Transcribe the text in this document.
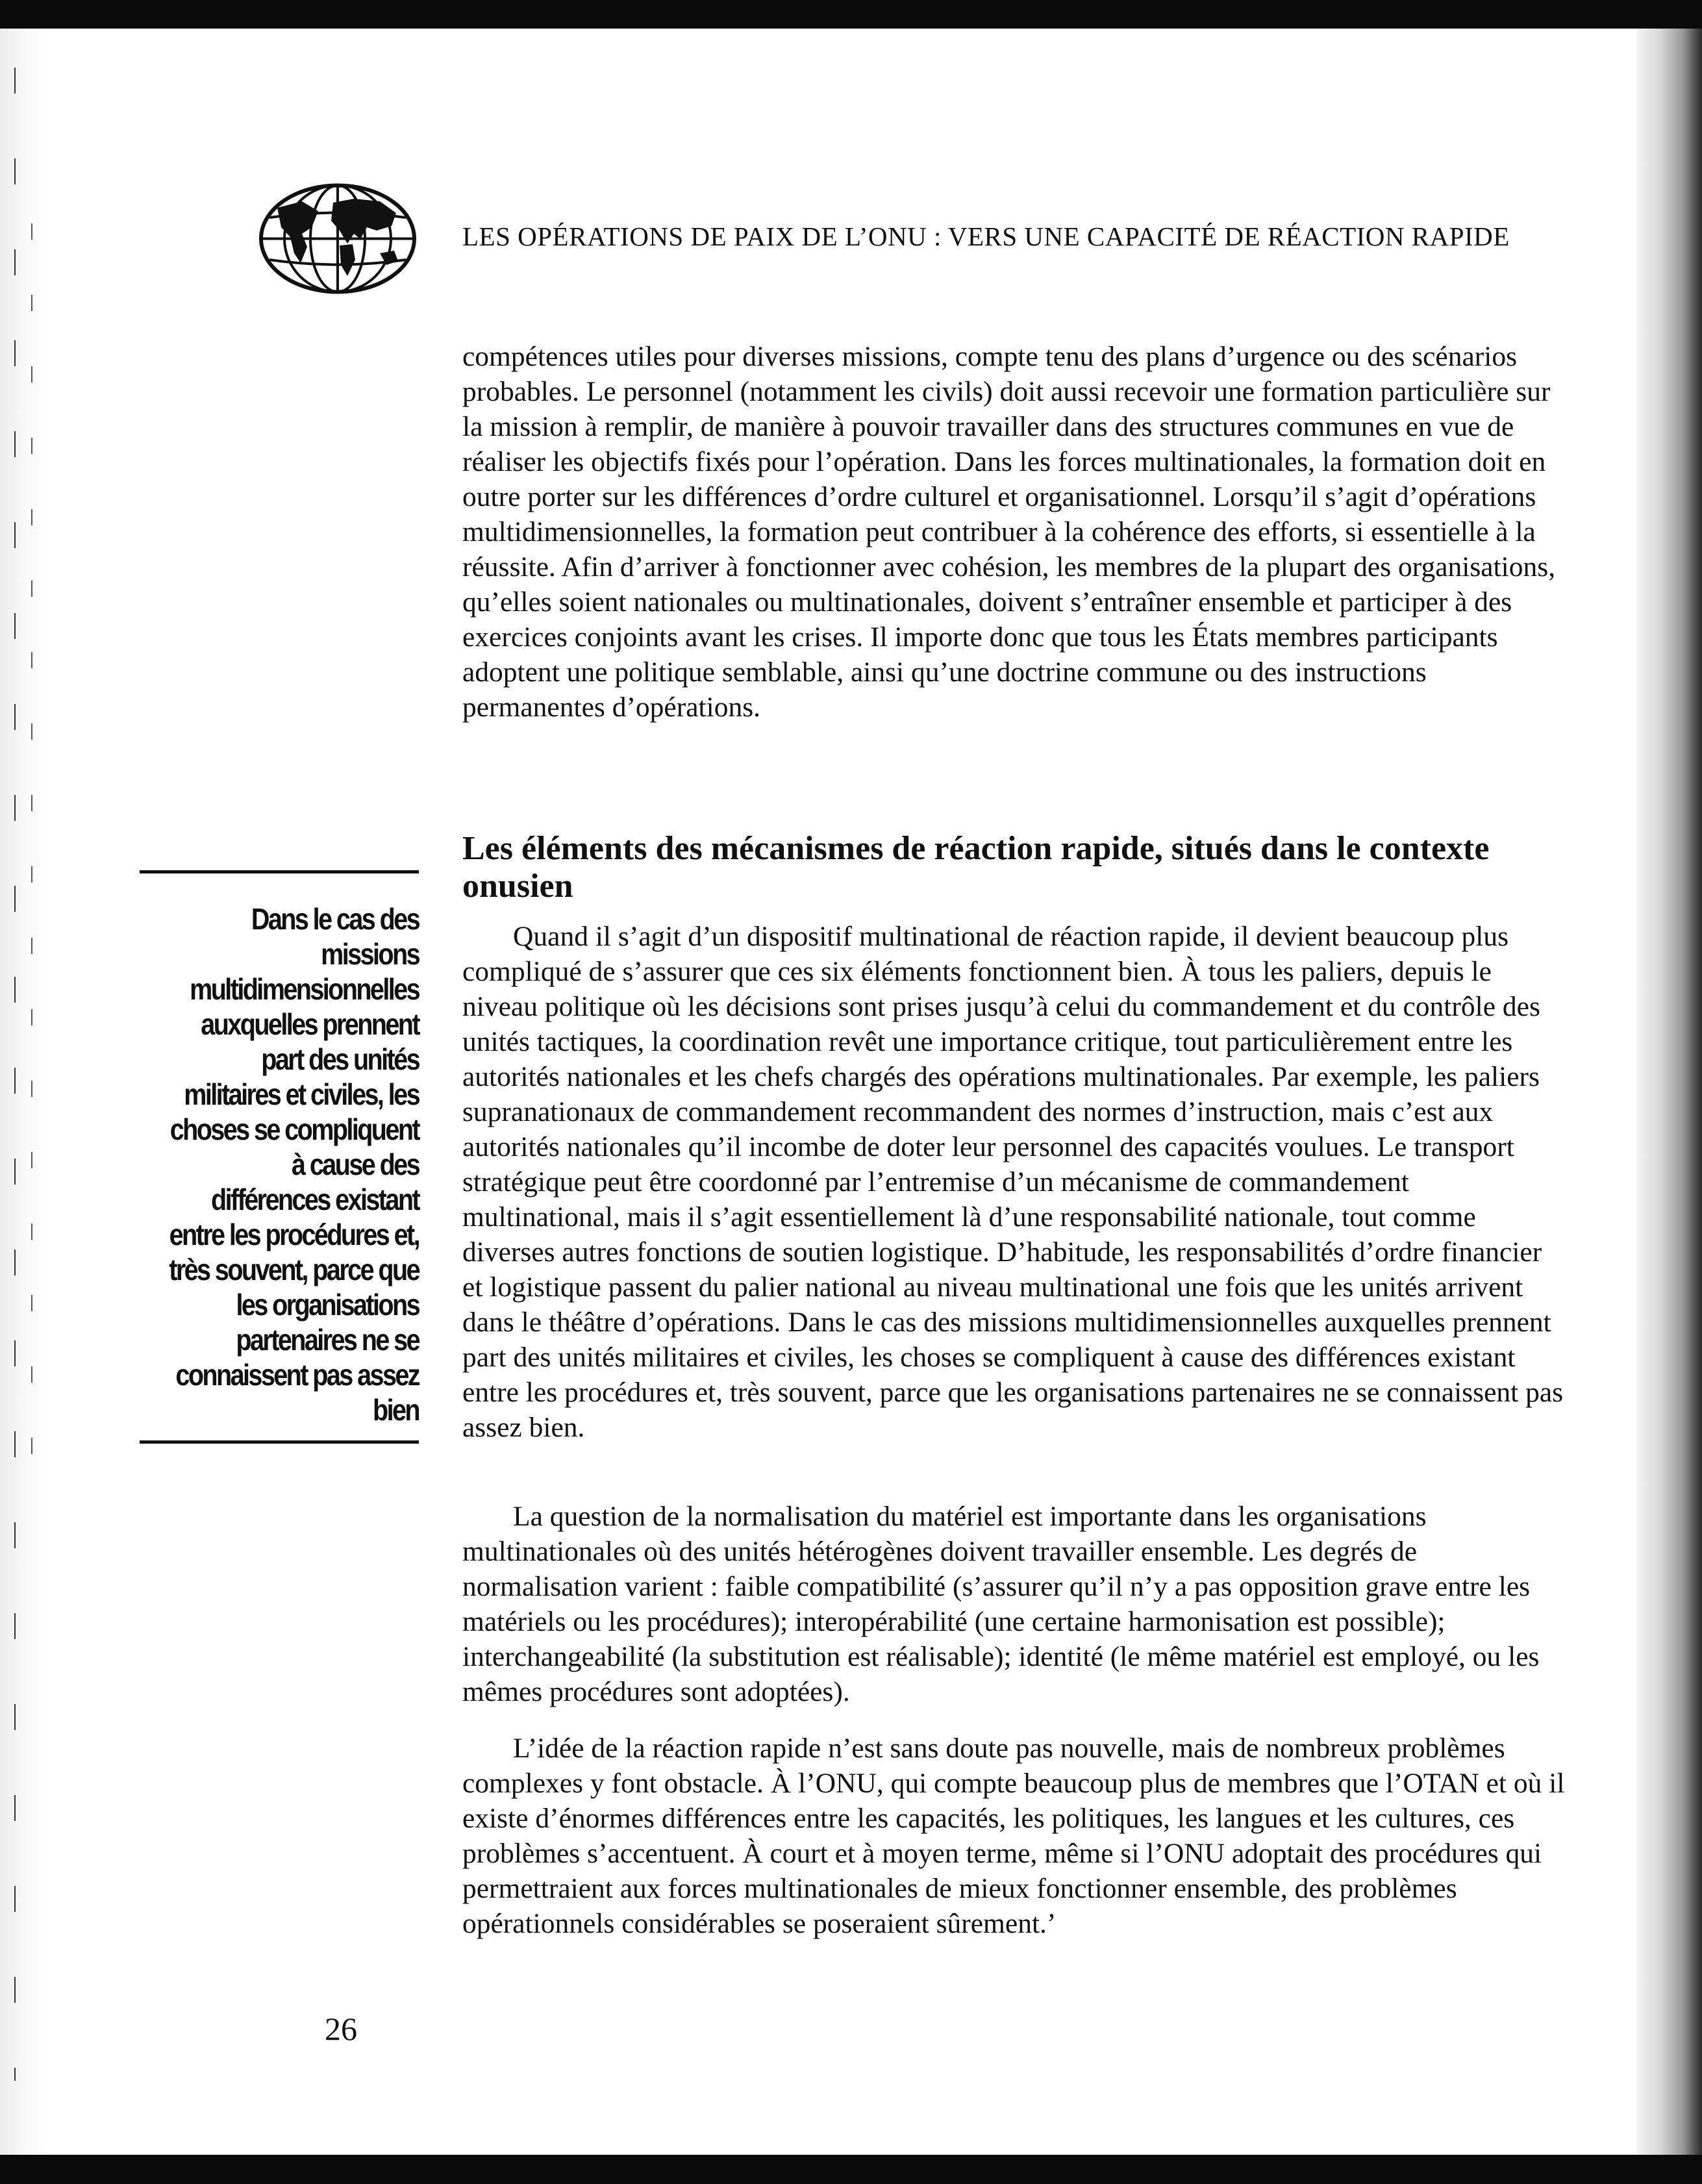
LES OPÉRATIONS DE PAIX DE L’ONU : VERS UNE CAPACITÉ DE RÉACTION RAPIDE

compétences utiles pour diverses missions, compte tenu des plans d’urgence ou des scénarios probables. Le personnel (notamment les civils) doit aussi recevoir une formation particulière sur la mission à remplir, de manière à pouvoir travailler dans des structures communes en vue de réaliser les objectifs fixés pour l’opération. Dans les forces multinationales, la formation doit en outre porter sur les différences d’ordre culturel et organisationnel. Lorsqu’il s’agit d’opérations multidimensionnelles, la formation peut contribuer à la cohérence des efforts, si essentielle à la réussite. Afin d’arriver à fonctionner avec cohésion, les membres de la plupart des organisations, qu’elles soient nationales ou multinationales, doivent s’entraîner ensemble et participer à des exercices conjoints avant les crises. Il importe donc que tous les États membres participants adoptent une politique semblable, ainsi qu’une doctrine commune ou des instructions permanentes d’opérations.

Les éléments des mécanismes de réaction rapide, situés dans le contexte onusien

Dans le cas des missions multidimensionnelles auxquelles prennent part des unités militaires et civiles, les choses se compliquent à cause des différences existant entre les procédures et, très souvent, parce que les organisations partenaires ne se connaissent pas assez bien

Quand il s’agit d’un dispositif multinational de réaction rapide, il devient beaucoup plus compliqué de s’assurer que ces six éléments fonctionnent bien. À tous les paliers, depuis le niveau politique où les décisions sont prises jusqu’à celui du commandement et du contrôle des unités tactiques, la coordination revêt une importance critique, tout particulièrement entre les autorités nationales et les chefs chargés des opérations multinationales. Par exemple, les paliers supranationaux de commandement recommandent des normes d’instruction, mais c’est aux autorités nationales qu’il incombe de doter leur personnel des capacités voulues. Le transport stratégique peut être coordonné par l’entremise d’un mécanisme de commandement multinational, mais il s’agit essentiellement là d’une responsabilité nationale, tout comme diverses autres fonctions de soutien logistique. D’habitude, les responsabilités d’ordre financier et logistique passent du palier national au niveau multinational une fois que les unités arrivent dans le théâtre d’opérations. Dans le cas des missions multidimensionnelles auxquelles prennent part des unités militaires et civiles, les choses se compliquent à cause des différences existant entre les procédures et, très souvent, parce que les organisations partenaires ne se connaissent pas assez bien.

La question de la normalisation du matériel est importante dans les organisations multinationales où des unités hétérogènes doivent travailler ensemble. Les degrés de normalisation varient : faible compatibilité (s’assurer qu’il n’y a pas opposition grave entre les matériels ou les procédures); interopérabilité (une certaine harmonisation est possible); interchangeabilité (la substitution est réalisable); identité (le même matériel est employé, ou les mêmes procédures sont adoptées).

L’idée de la réaction rapide n’est sans doute pas nouvelle, mais de nombreux problèmes complexes y font obstacle. À l’ONU, qui compte beaucoup plus de membres que l’OTAN et où il existe d’énormes différences entre les capacités, les politiques, les langues et les cultures, ces problèmes s’accentuent. À court et à moyen terme, même si l’ONU adoptait des procédures qui permettraient aux forces multinationales de mieux fonctionner ensemble, des problèmes opérationnels considérables se poseraient sûrement.’

26
